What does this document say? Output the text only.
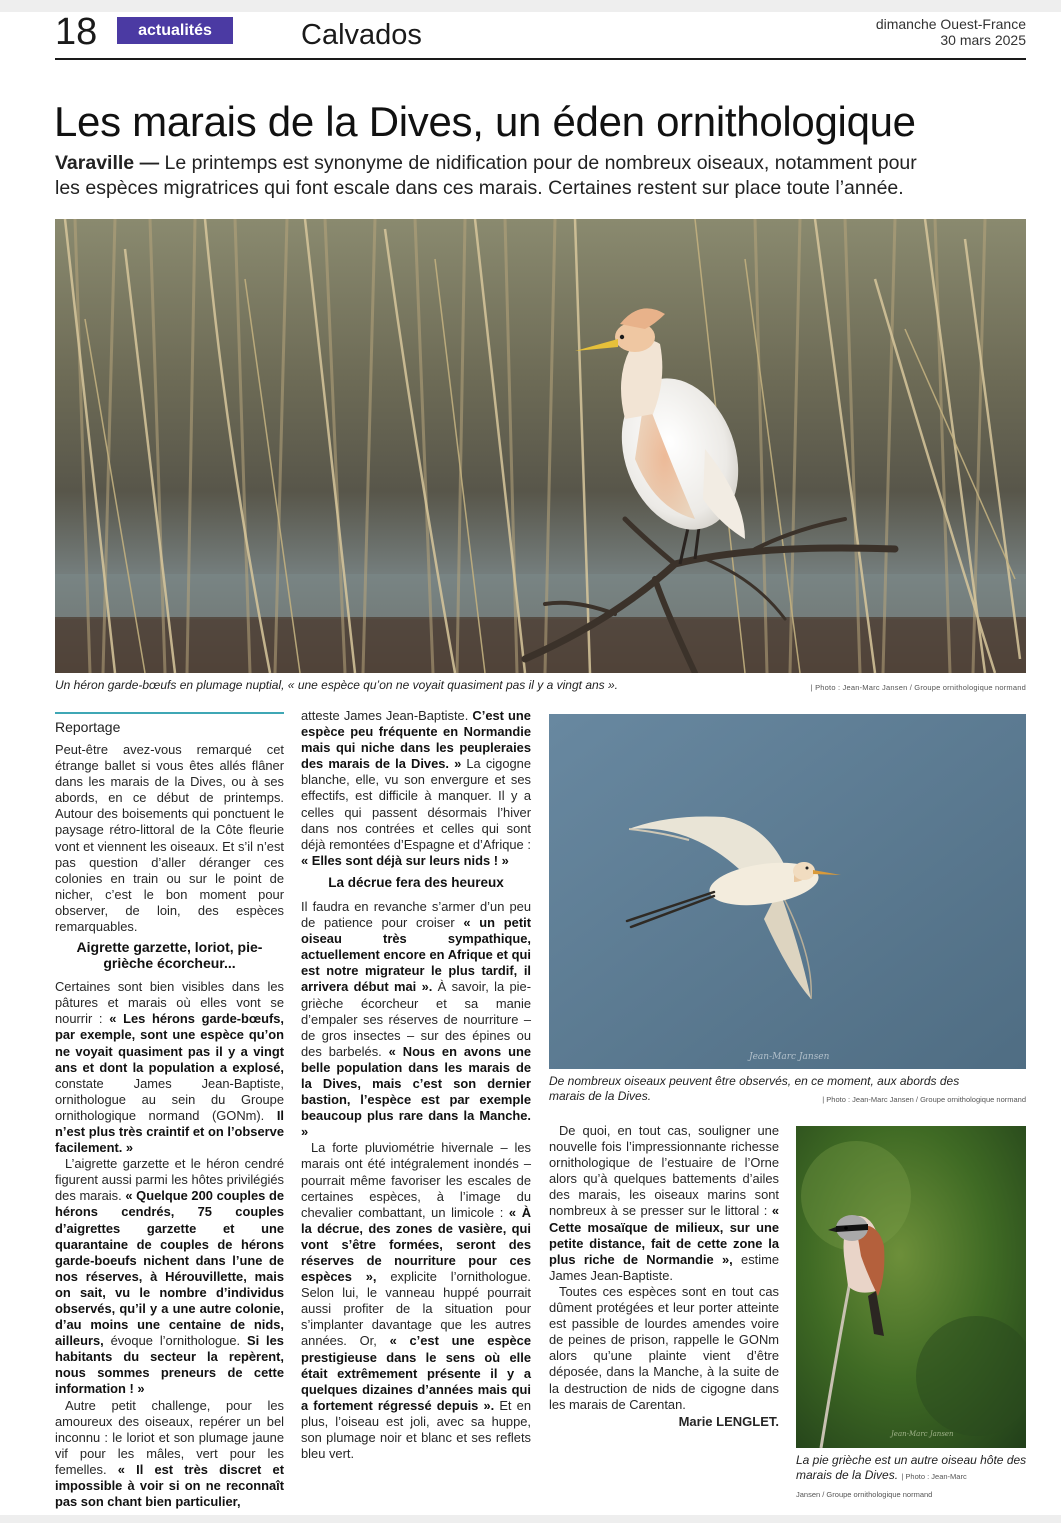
18	actualités	Calvados	dimanche Ouest-France
30 mars 2025
Les marais de la Dives, un éden ornithologique
Varaville — Le printemps est synonyme de nidification pour de nombreux oiseaux, notamment pour les espèces migratrices qui font escale dans ces marais. Certaines restent sur place toute l’année.
Un héron garde-bœufs en plumage nuptial, « une espèce qu’on ne voyait quasiment pas il y a vingt ans ».	| Photo : Jean-Marc Jansen / Groupe ornithologique normand
Reportage

Peut-être avez-vous remarqué cet étrange ballet si vous êtes allés flâner dans les marais de la Dives, ou à ses abords, en ce début de printemps. Autour des boisements qui ponctuent le paysage rétro-littoral de la Côte fleurie vont et viennent les oiseaux. Et s’il n’est pas question d’aller déranger ces colonies en train ou sur le point de nicher, c’est le bon moment pour observer, de loin, des espèces remarquables.

Aigrette garzette, loriot, pie-grièche écorcheur...

Certaines sont bien visibles dans les pâtures et marais où elles vont se nourrir : « Les hérons garde-bœufs, par exemple, sont une espèce qu’on ne voyait quasiment pas il y a vingt ans et dont la population a explosé, constate James Jean-Baptiste, ornithologue au sein du Groupe ornithologique normand (GONm). Il n’est plus très craintif et on l’observe facilement. »

L’aigrette garzette et le héron cendré figurent aussi parmi les hôtes privilégiés des marais. « Quelque 200 couples de hérons cendrés, 75 couples d’aigrettes garzette et une quarantaine de couples de hérons garde-boeufs nichent dans l’une de nos réserves, à Hérouvillette, mais on sait, vu le nombre d’individus observés, qu’il y a une autre colonie, d’au moins une centaine de nids, ailleurs, évoque l’ornithologue. Si les habitants du secteur la repèrent, nous sommes preneurs de cette information ! »

Autre petit challenge, pour les amoureux des oiseaux, repérer un bel inconnu : le loriot et son plumage jaune vif pour les mâles, vert pour les femelles. « Il est très discret et impossible à voir si on ne reconnaît pas son chant bien particulier,

atteste James Jean-Baptiste. C’est une espèce peu fréquente en Normandie mais qui niche dans les peupleraies des marais de la Dives. » La cigogne blanche, elle, vu son envergure et ses effectifs, est difficile à manquer. Il y a celles qui passent désormais l’hiver dans nos contrées et celles qui sont déjà remontées d’Espagne et d’Afrique : « Elles sont déjà sur leurs nids ! »

La décrue fera des heureux

Il faudra en revanche s’armer d’un peu de patience pour croiser « un petit oiseau très sympathique, actuellement encore en Afrique et qui est notre migrateur le plus tardif, il arrivera début mai ». À savoir, la pie-grièche écorcheur et sa manie d’empaler ses réserves de nourriture – de gros insectes – sur des épines ou des barbelés. « Nous en avons une belle population dans les marais de la Dives, mais c’est son dernier bastion, l’espèce est par exemple beaucoup plus rare dans la Manche. »

La forte pluviométrie hivernale – les marais ont été intégralement inondés – pourrait même favoriser les escales de certaines espèces, à l’image du chevalier combattant, un limicole : « À la décrue, des zones de vasière, qui vont s’être formées, seront des réserves de nourriture pour ces espèces », explicite l’ornithologue. Selon lui, le vanneau huppé pourrait aussi profiter de la situation pour s’implanter davantage que les autres années. Or, « c’est une espèce prestigieuse dans le sens où elle était extrêmement présente il y a quelques dizaines d’années mais qui a fortement régressé depuis ». Et en plus, l’oiseau est joli, avec sa huppe, son plumage noir et blanc et ses reflets bleu vert.

Jean-Marc Jansen
De nombreux oiseaux peuvent être observés, en ce moment, aux abords des marais de la Dives.	| Photo : Jean-Marc Jansen / Groupe ornithologique normand

De quoi, en tout cas, souligner une nouvelle fois l’impressionnante richesse ornithologique de l’estuaire de l’Orne alors qu’à quelques battements d’ailes des marais, les oiseaux marins sont nombreux à se presser sur le littoral : « Cette mosaïque de milieux, sur une petite distance, fait de cette zone la plus riche de Normandie », estime James Jean-Baptiste.

Toutes ces espèces sont en tout cas dûment protégées et leur porter atteinte est passible de lourdes amendes voire de peines de prison, rappelle le GONm alors qu’une plainte vient d’être déposée, dans la Manche, à la suite de la destruction de nids de cigogne dans les marais de Carentan.

Marie LENGLET.
Jean-Marc Jansen
La pie grièche est un autre oiseau hôte des marais de la Dives. | Photo : Jean-Marc
Jansen / Groupe ornithologique normand
